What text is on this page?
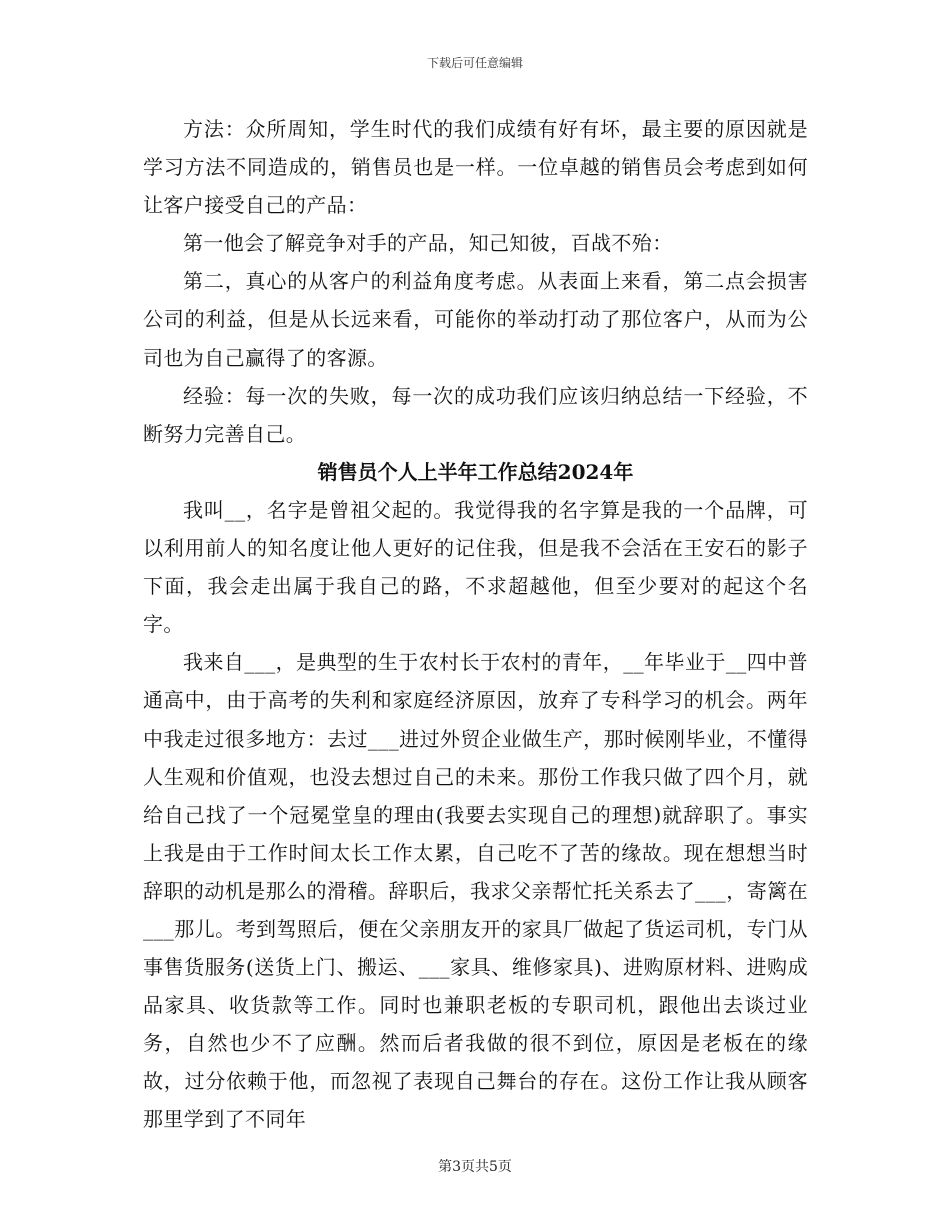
下载后可任意编辑

方法：众所周知，学生时代的我们成绩有好有坏，最主要的原因就是学习方法不同造成的，销售员也是一样。一位卓越的销售员会考虑到如何让客户接受自己的产品：

第一他会了解竞争对手的产品，知己知彼，百战不殆：

第二，真心的从客户的利益角度考虑。从表面上来看，第二点会损害公司的利益，但是从长远来看，可能你的举动打动了那位客户，从而为公司也为自己赢得了的客源。

经验：每一次的失败，每一次的成功我们应该归纳总结一下经验，不断努力完善自己。

销售员个人上半年工作总结2024年

我叫__，名字是曾祖父起的。我觉得我的名字算是我的一个品牌，可以利用前人的知名度让他人更好的记住我，但是我不会活在王安石的影子下面，我会走出属于我自己的路，不求超越他，但至少要对的起这个名字。

我来自___，是典型的生于农村长于农村的青年，__年毕业于__四中普通高中，由于高考的失利和家庭经济原因，放弃了专科学习的机会。两年中我走过很多地方：去过___进过外贸企业做生产，那时候刚毕业，不懂得人生观和价值观，也没去想过自己的未来。那份工作我只做了四个月，就给自己找了一个冠冕堂皇的理由(我要去实现自己的理想)就辞职了。事实上我是由于工作时间太长工作太累，自己吃不了苦的缘故。现在想想当时辞职的动机是那么的滑稽。辞职后，我求父亲帮忙托关系去了___，寄篱在___那儿。考到驾照后，便在父亲朋友开的家具厂做起了货运司机，专门从事售货服务(送货上门、搬运、___家具、维修家具)、进购原材料、进购成品家具、收货款等工作。同时也兼职老板的专职司机，跟他出去谈过业务，自然也少不了应酬。然而后者我做的很不到位，原因是老板在的缘故，过分依赖于他，而忽视了表现自己舞台的存在。这份工作让我从顾客那里学到了不同年

第3页共5页
